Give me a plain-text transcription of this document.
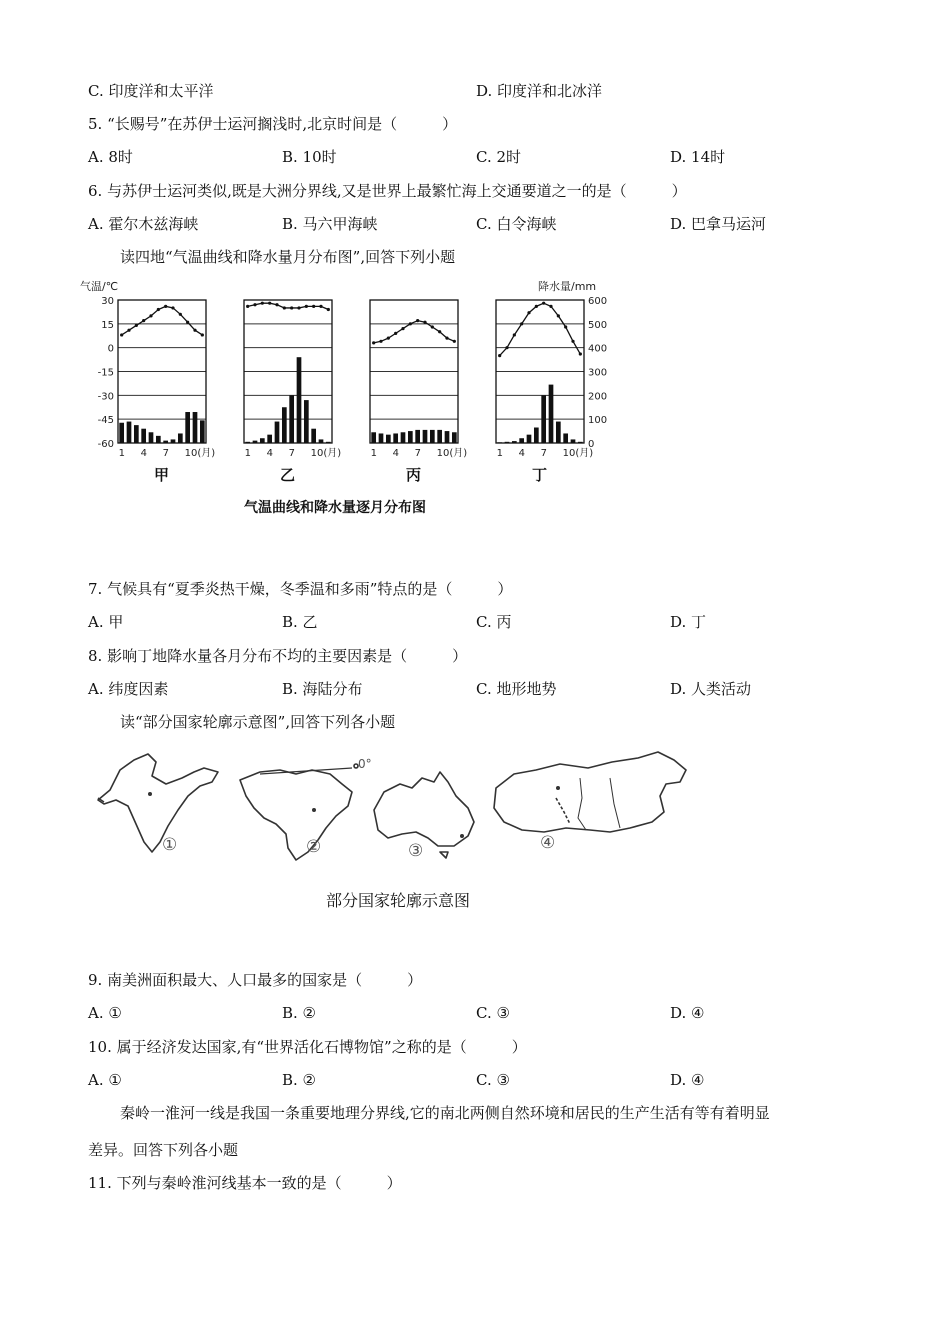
C. 印度洋和太平洋	D. 印度洋和北冰洋
5. “长赐号”在苏伊士运河搁浅时,北京时间是（　　　）
A. 8时	B. 10时	C. 2时	D. 14时
6. 与苏伊士运河类似,既是大洲分界线,又是世界上最繁忙海上交通要道之一的是（　　　）
A. 霍尔木兹海峡	B. 马六甲海峡	C. 白令海峡	D. 巴拿马运河
读四地“气温曲线和降水量月分布图”,回答下列小题
气温/℃	降水量/mm
1 4 7 10(月)
甲
1 4 7 10(月)
乙
1 4 7 10(月)
丙
1 4 7 10(月)
丁
30
15
0
-15
-30
-45
-60
600
500
400
300
200
100
0
气温曲线和降水量逐月分布图
7. 气候具有“夏季炎热干燥，冬季温和多雨”特点的是（　　　）
A. 甲	B. 乙	C. 丙	D. 丁
8. 影响丁地降水量各月分布不均的主要因素是（　　　）
A. 纬度因素	B. 海陆分布	C. 地形地势	D. 人类活动
读“部分国家轮廓示意图”,回答下列各小题
①	②	③	④
0°
部分国家轮廓示意图
9. 南美洲面积最大、人口最多的国家是（　　　）
A. ①	B. ②	C. ③	D. ④
10. 属于经济发达国家,有“世界活化石博物馆”之称的是（　　　）
A. ①	B. ②	C. ③	D. ④
秦岭一淮河一线是我国一条重要地理分界线,它的南北两侧自然环境和居民的生产生活有等有着明显
差异。回答下列各小题
11. 下列与秦岭淮河线基本一致的是（　　　）
